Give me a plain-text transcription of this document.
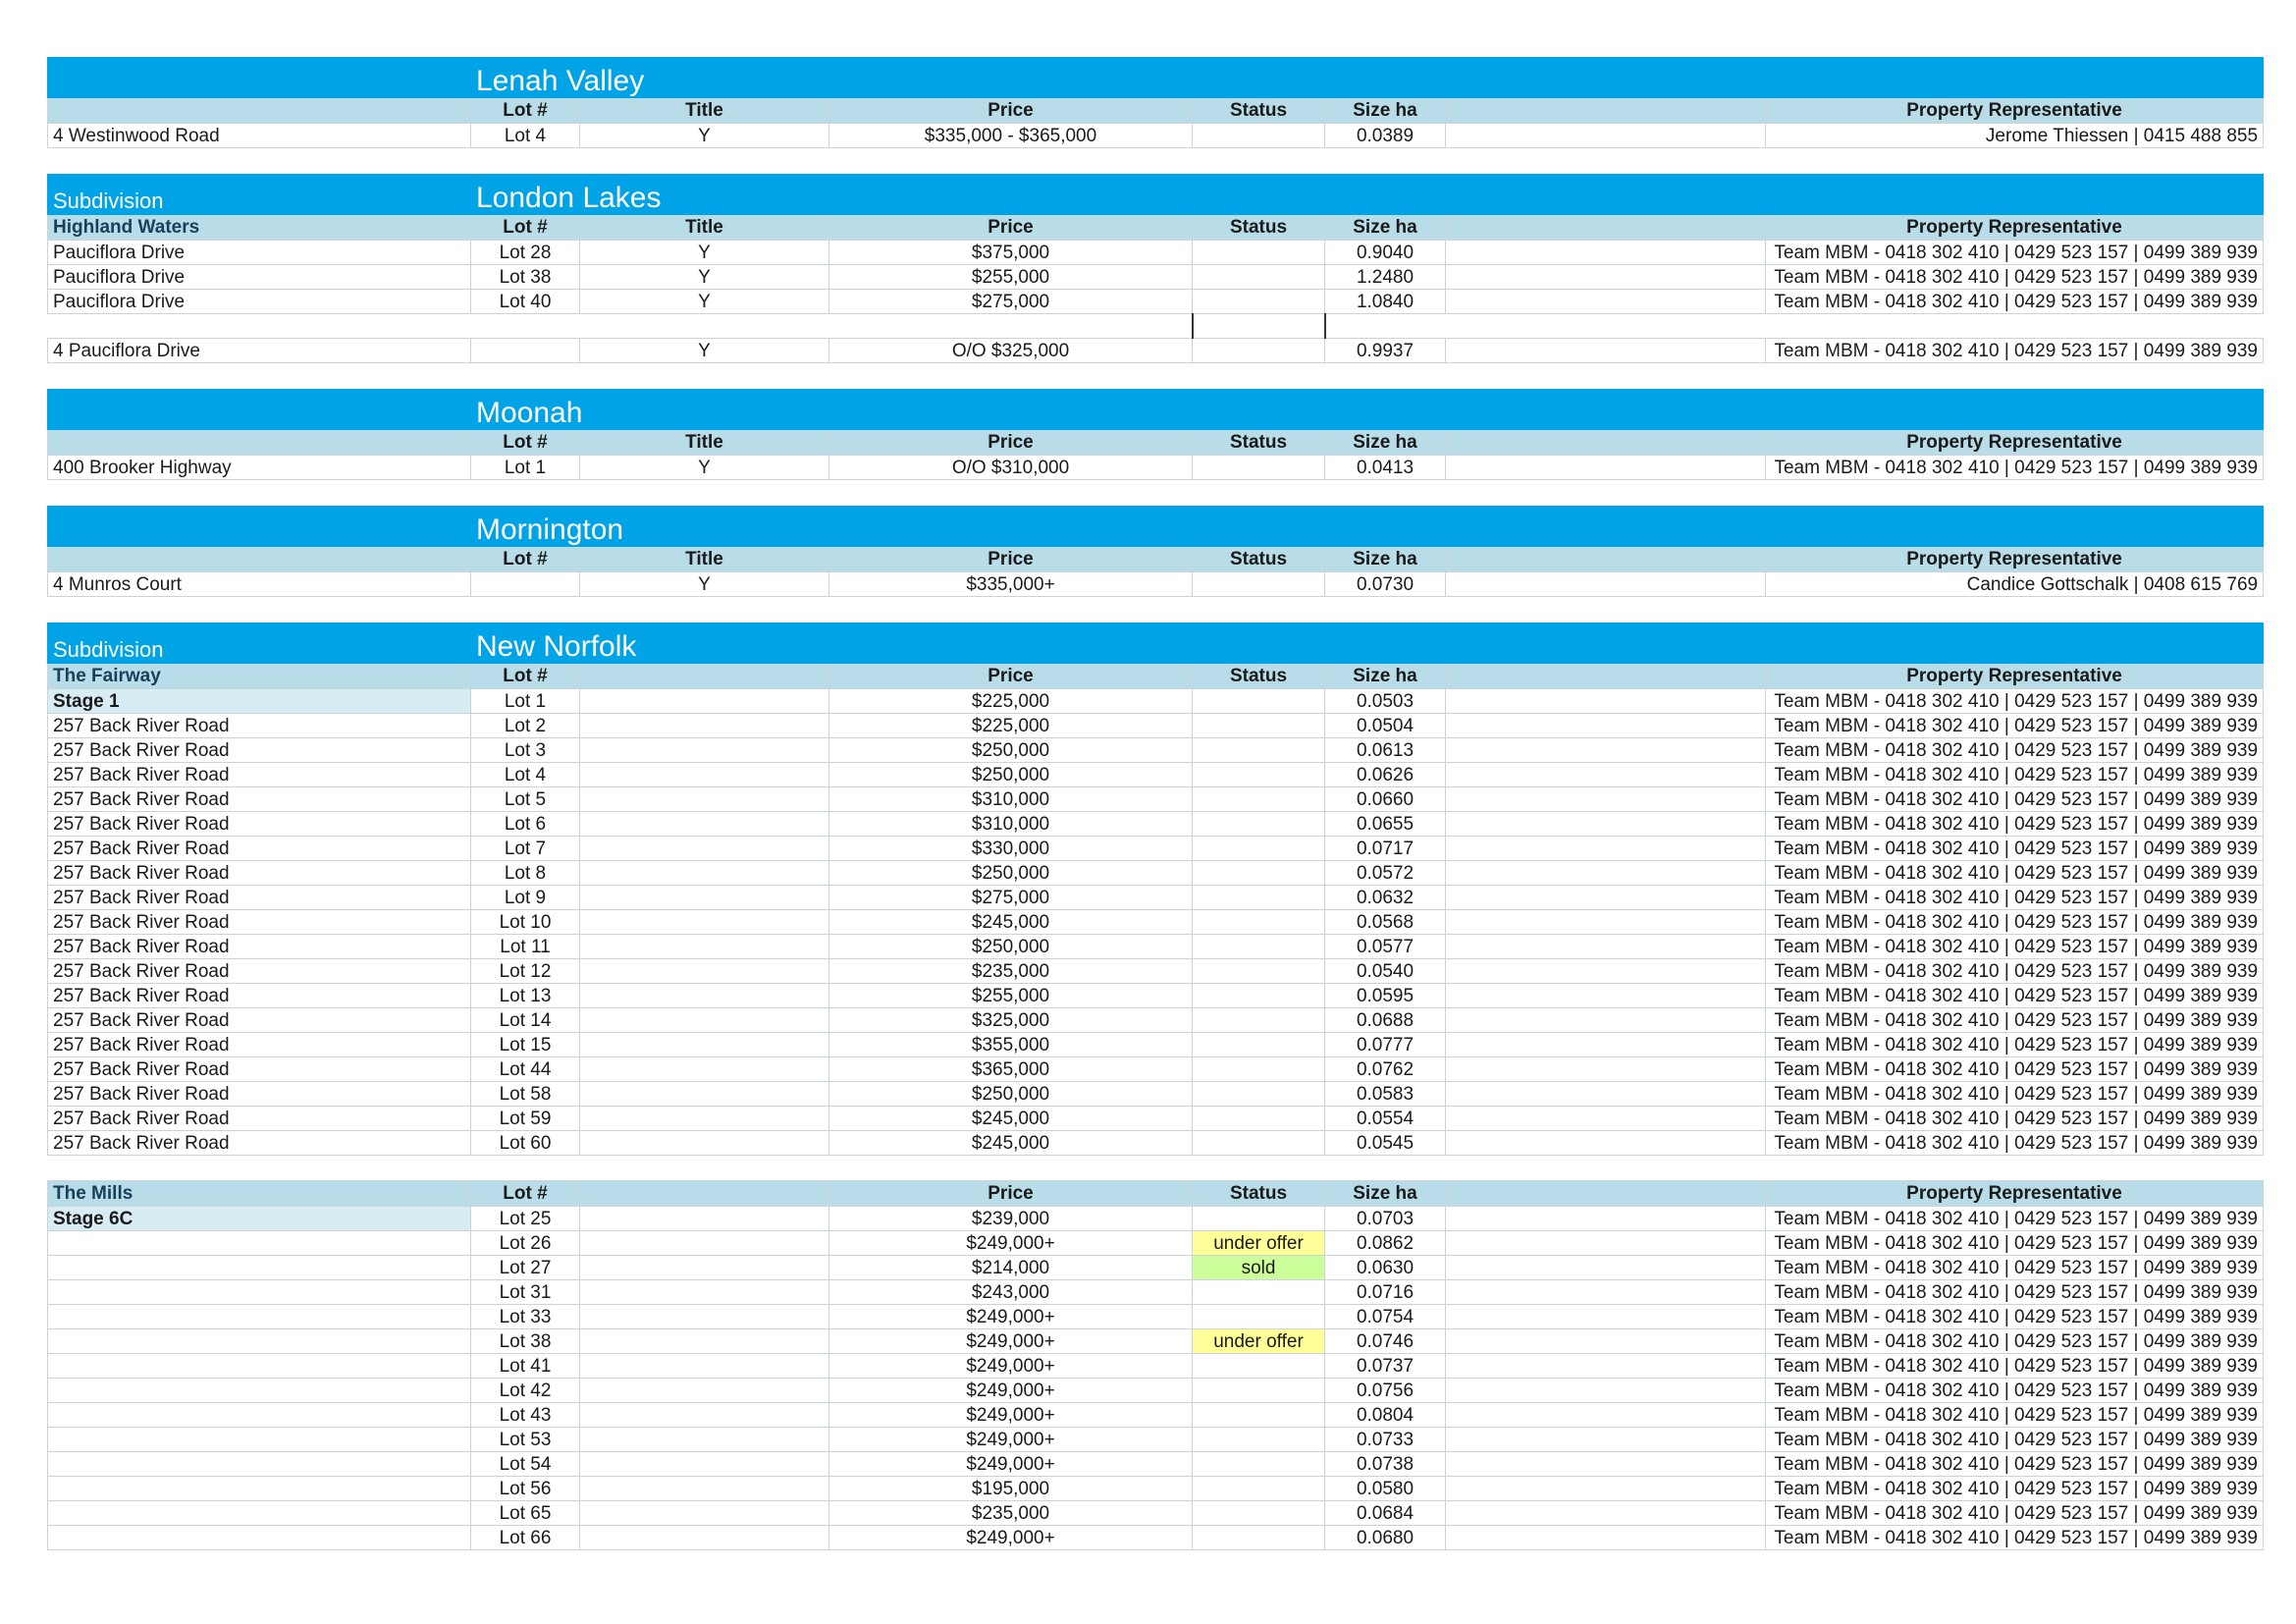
	Lenah Valley						
	Lot #	Title	Price	Status	Size ha		Property Representative
4 Westinwood Road	Lot 4	Y	$335,000 - $365,000		0.0389		Jerome Thiessen | 0415 488 855
Subdivision	London Lakes						
Highland Waters	Lot #	Title	Price	Status	Size ha		Property Representative
Pauciflora Drive	Lot 28	Y	$375,000		0.9040		Team MBM - 0418 302 410 | 0429 523 157 | 0499 389 939
Pauciflora Drive	Lot 38	Y	$255,000		1.2480		Team MBM - 0418 302 410 | 0429 523 157 | 0499 389 939
Pauciflora Drive	Lot 40	Y	$275,000		1.0840		Team MBM - 0418 302 410 | 0429 523 157 | 0499 389 939

4 Pauciflora Drive		Y	O/O $325,000		0.9937		Team MBM - 0418 302 410 | 0429 523 157 | 0499 389 939
	Moonah						
	Lot #	Title	Price	Status	Size ha		Property Representative
400 Brooker Highway	Lot 1	Y	O/O $310,000		0.0413		Team MBM - 0418 302 410 | 0429 523 157 | 0499 389 939
	Mornington						
	Lot #	Title	Price	Status	Size ha		Property Representative
4 Munros Court		Y	$335,000+		0.0730		Candice Gottschalk | 0408 615 769
Subdivision	New Norfolk						
The Fairway	Lot #		Price	Status	Size ha		Property Representative
Stage 1	Lot 1		$225,000		0.0503		Team MBM - 0418 302 410 | 0429 523 157 | 0499 389 939
257 Back River Road	Lot 2		$225,000		0.0504		Team MBM - 0418 302 410 | 0429 523 157 | 0499 389 939
257 Back River Road	Lot 3		$250,000		0.0613		Team MBM - 0418 302 410 | 0429 523 157 | 0499 389 939
257 Back River Road	Lot 4		$250,000		0.0626		Team MBM - 0418 302 410 | 0429 523 157 | 0499 389 939
257 Back River Road	Lot 5		$310,000		0.0660		Team MBM - 0418 302 410 | 0429 523 157 | 0499 389 939
257 Back River Road	Lot 6		$310,000		0.0655		Team MBM - 0418 302 410 | 0429 523 157 | 0499 389 939
257 Back River Road	Lot 7		$330,000		0.0717		Team MBM - 0418 302 410 | 0429 523 157 | 0499 389 939
257 Back River Road	Lot 8		$250,000		0.0572		Team MBM - 0418 302 410 | 0429 523 157 | 0499 389 939
257 Back River Road	Lot 9		$275,000		0.0632		Team MBM - 0418 302 410 | 0429 523 157 | 0499 389 939
257 Back River Road	Lot 10		$245,000		0.0568		Team MBM - 0418 302 410 | 0429 523 157 | 0499 389 939
257 Back River Road	Lot 11		$250,000		0.0577		Team MBM - 0418 302 410 | 0429 523 157 | 0499 389 939
257 Back River Road	Lot 12		$235,000		0.0540		Team MBM - 0418 302 410 | 0429 523 157 | 0499 389 939
257 Back River Road	Lot 13		$255,000		0.0595		Team MBM - 0418 302 410 | 0429 523 157 | 0499 389 939
257 Back River Road	Lot 14		$325,000		0.0688		Team MBM - 0418 302 410 | 0429 523 157 | 0499 389 939
257 Back River Road	Lot 15		$355,000		0.0777		Team MBM - 0418 302 410 | 0429 523 157 | 0499 389 939
257 Back River Road	Lot 44		$365,000		0.0762		Team MBM - 0418 302 410 | 0429 523 157 | 0499 389 939
257 Back River Road	Lot 58		$250,000		0.0583		Team MBM - 0418 302 410 | 0429 523 157 | 0499 389 939
257 Back River Road	Lot 59		$245,000		0.0554		Team MBM - 0418 302 410 | 0429 523 157 | 0499 389 939
257 Back River Road	Lot 60		$245,000		0.0545		Team MBM - 0418 302 410 | 0429 523 157 | 0499 389 939
The Mills	Lot #		Price	Status	Size ha		Property Representative
Stage 6C	Lot 25		$239,000		0.0703		Team MBM - 0418 302 410 | 0429 523 157 | 0499 389 939
	Lot 26		$249,000+	under offer	0.0862		Team MBM - 0418 302 410 | 0429 523 157 | 0499 389 939
	Lot 27		$214,000	sold	0.0630		Team MBM - 0418 302 410 | 0429 523 157 | 0499 389 939
	Lot 31		$243,000		0.0716		Team MBM - 0418 302 410 | 0429 523 157 | 0499 389 939
	Lot 33		$249,000+		0.0754		Team MBM - 0418 302 410 | 0429 523 157 | 0499 389 939
	Lot 38		$249,000+	under offer	0.0746		Team MBM - 0418 302 410 | 0429 523 157 | 0499 389 939
	Lot 41		$249,000+		0.0737		Team MBM - 0418 302 410 | 0429 523 157 | 0499 389 939
	Lot 42		$249,000+		0.0756		Team MBM - 0418 302 410 | 0429 523 157 | 0499 389 939
	Lot 43		$249,000+		0.0804		Team MBM - 0418 302 410 | 0429 523 157 | 0499 389 939
	Lot 53		$249,000+		0.0733		Team MBM - 0418 302 410 | 0429 523 157 | 0499 389 939
	Lot 54		$249,000+		0.0738		Team MBM - 0418 302 410 | 0429 523 157 | 0499 389 939
	Lot 56		$195,000		0.0580		Team MBM - 0418 302 410 | 0429 523 157 | 0499 389 939
	Lot 65		$235,000		0.0684		Team MBM - 0418 302 410 | 0429 523 157 | 0499 389 939
	Lot 66		$249,000+		0.0680		Team MBM - 0418 302 410 | 0429 523 157 | 0499 389 939
